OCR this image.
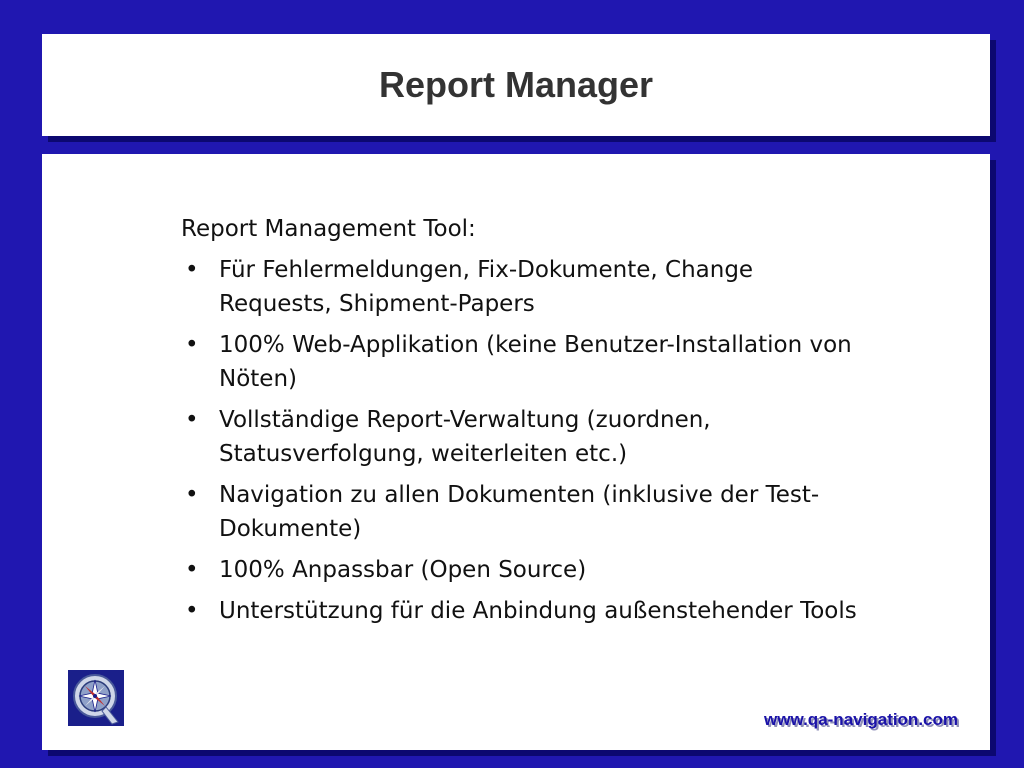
Report Manager

Report Management Tool:

• Für Fehlermeldungen, Fix-Dokumente, Change Requests, Shipment-Papers
• 100% Web-Applikation (keine Benutzer-Installation von Nöten)
• Vollständige Report-Verwaltung (zuordnen, Statusverfolgung, weiterleiten etc.)
• Navigation zu allen Dokumenten (inklusive der Test-Dokumente)
• 100% Anpassbar (Open Source)
• Unterstützung für die Anbindung außenstehender Tools
www.qa-navigation.com
